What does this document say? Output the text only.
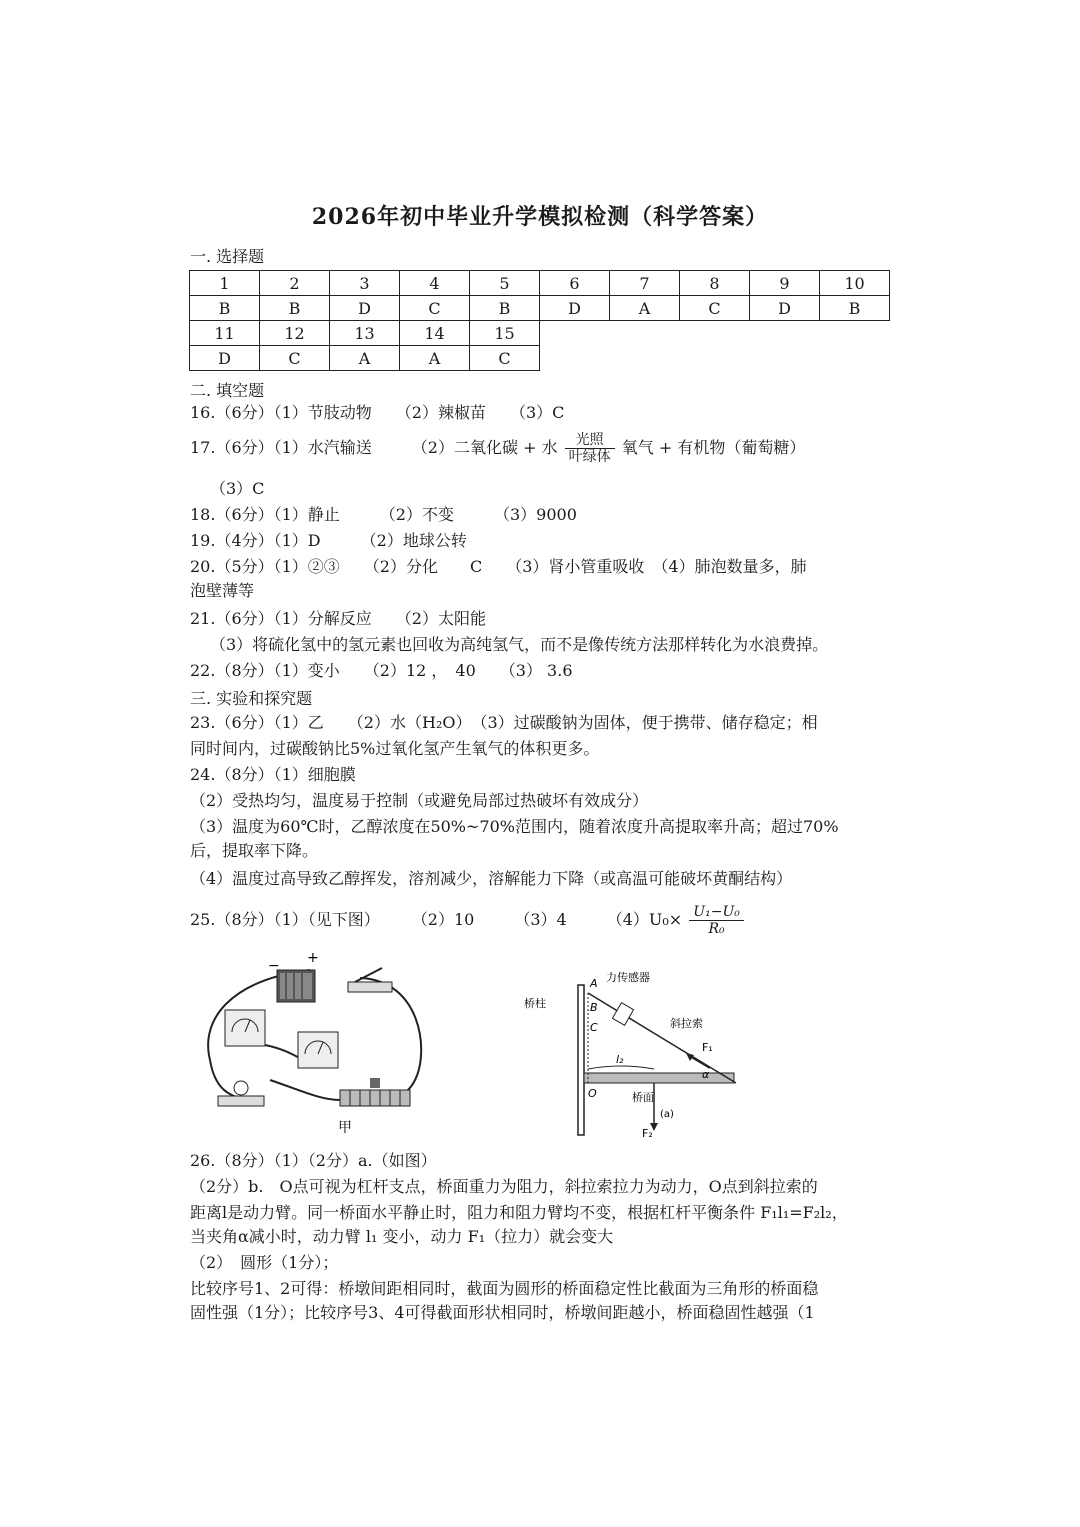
2026年初中毕业升学模拟检测（科学答案）
一. 选择题
1	2	3	4	5	6	7	8	9	10
B	B	D	C	B	D	A	C	D	B
11	12	13	14	15					
D	C	A	A	C					
二. 填空题
16.（6分）（1）节肢动物　　（2）辣椒苗　　（3）C
17.（6分）（1）水汽输送　　　（2）二氧化碳 + 水 $\frac{\text{光照}}{\text{叶绿体}}$ 氧气 + 有机物（葡萄糖）
（3）C
18.（6分）（1）静止　　　（2）不变　　　（3）9000
19.（4分）（1）D　　　（2）地球公转
20.（5分）（1）②③　　（2）分化　　C　　（3）肾小管重吸收　（4）肺泡数量多，肺
泡壁薄等
21.（6分）（1）分解反应　　（2）太阳能
（3）将硫化氢中的氢元素也回收为高纯氢气，而不是像传统方法那样转化为水浪费掉。
22.（8分）（1）变小　　（2）12 ，　40　　（3） 3.6
三. 实验和探究题
23.（6分）（1）乙　　（2）水（H₂O）　（3）过碳酸钠为固体，便于携带、储存稳定；相
同时间内，过碳酸钠比5%过氧化氢产生氧气的体积更多。
24.（8分）（1）细胞膜
（2）受热均匀，温度易于控制（或避免局部过热破坏有效成分）
（3）温度为60℃时，乙醇浓度在50%~70%范围内，随着浓度升高提取率升高；超过70%
后，提取率下降。
（4）温度过高导致乙醇挥发，溶剂减少，溶解能力下降（或高温可能破坏黄酮结构）
25.（8分）（1）（见下图）　　　（2）10　　　（3）4　　　$(4)U_0\times \frac{\text{U₁−U₀}}{\text{R₀}}$
− +
甲
A
B
C
O
力传感器
桥柱
斜拉索
桥面
F₁
F₂
l₂
α
(a)
26.（8分）（1）（2分）a.（如图）
（2分）b.　O点可视为杠杆支点，桥面重力为阻力，斜拉索拉力为动力，O点到斜拉索的
距离l是动力臂。同一桥面水平静止时，阻力和阻力臂均不变，根据杠杆平衡条件 F₁l₁=F₂l₂，
当夹角α减小时，动力臂 l₁ 变小，动力 F₁（拉力）就会变大
（2）　圆形（1分）；
比较序号1、2可得：桥墩间距相同时，截面为圆形的桥面稳定性比截面为三角形的桥面稳
固性强（1分）；比较序号3、4可得截面形状相同时，桥墩间距越小，桥面稳固性越强（1
